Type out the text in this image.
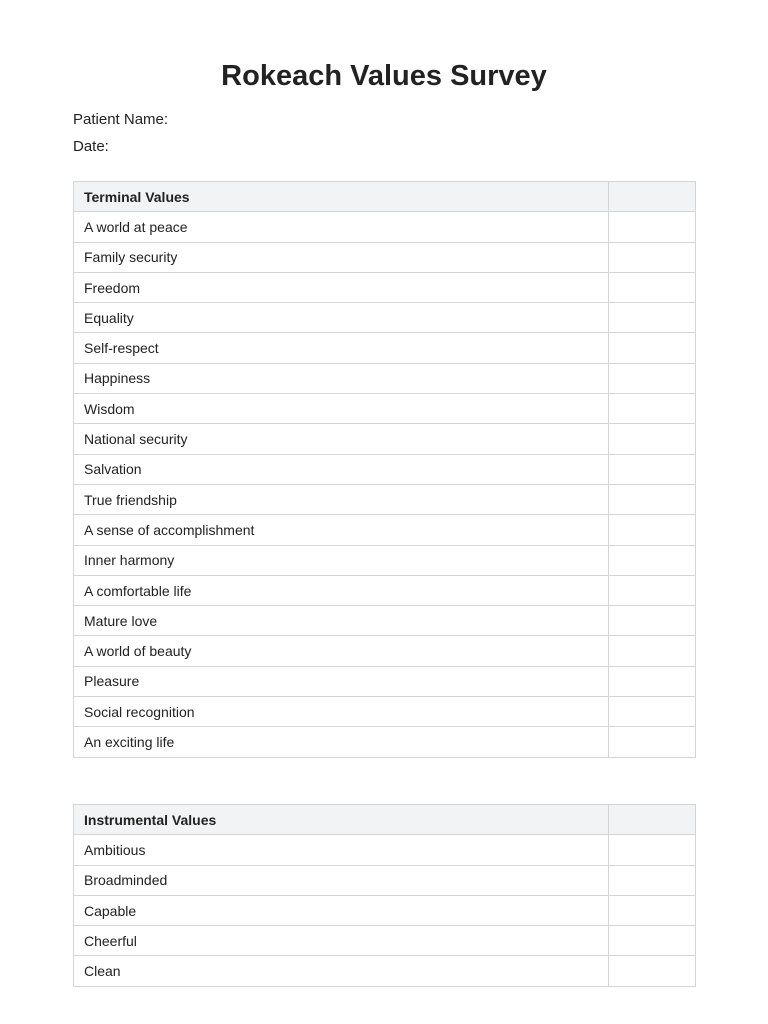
Rokeach Values Survey
Patient Name:
Date:
Terminal Values	
A world at peace	
Family security	
Freedom	
Equality	
Self-respect	
Happiness	
Wisdom	
National security	
Salvation	
True friendship	
A sense of accomplishment	
Inner harmony	
A comfortable life	
Mature love	
A world of beauty	
Pleasure	
Social recognition	
An exciting life	
Instrumental Values	
Ambitious	
Broadminded	
Capable	
Cheerful	
Clean	
